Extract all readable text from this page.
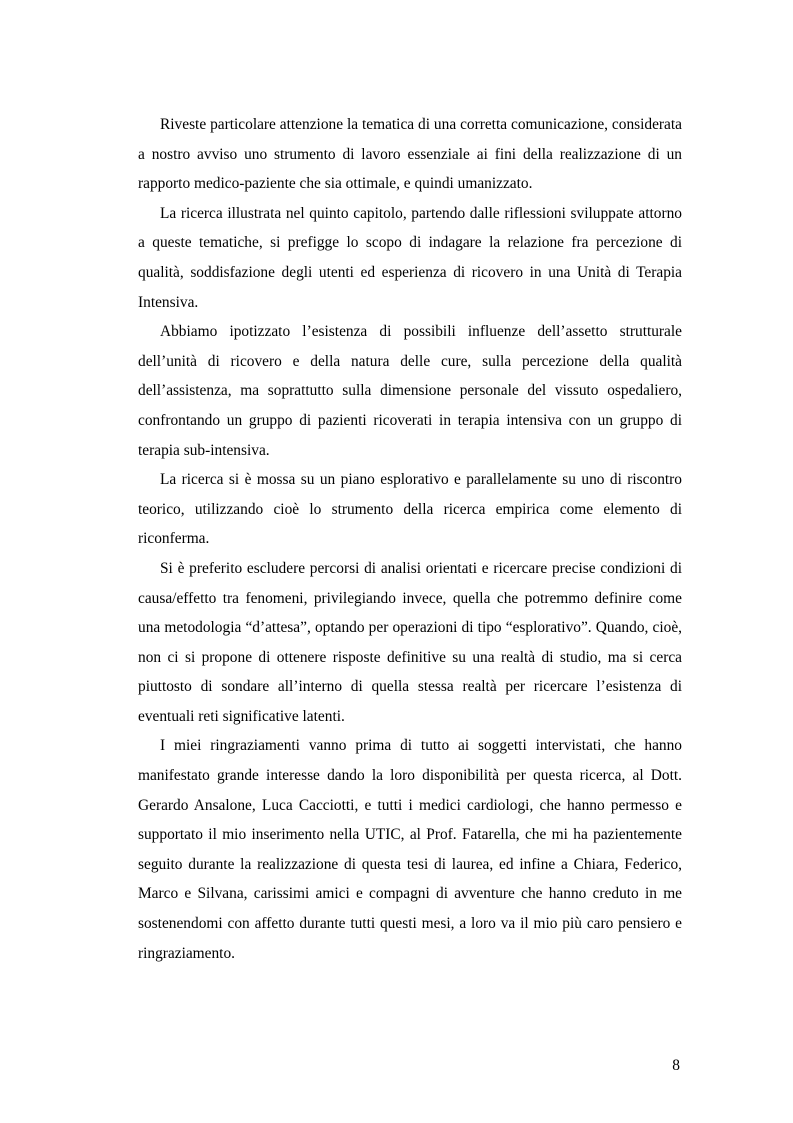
Riveste particolare attenzione la tematica di una corretta comunicazione, considerata a nostro avviso uno strumento di lavoro essenziale ai fini della realizzazione di un rapporto medico-paziente che sia ottimale, e quindi umanizzato.

La ricerca illustrata nel quinto capitolo, partendo dalle riflessioni sviluppate attorno a queste tematiche, si prefigge lo scopo di indagare la relazione fra percezione di qualità, soddisfazione degli utenti ed esperienza di ricovero in una Unità di Terapia Intensiva.

Abbiamo ipotizzato l’esistenza di possibili influenze dell’assetto strutturale dell’unità di ricovero e della natura delle cure, sulla percezione della qualità dell’assistenza, ma soprattutto sulla dimensione personale del vissuto ospedaliero, confrontando un gruppo di pazienti ricoverati in terapia intensiva con un gruppo di terapia sub-intensiva.

La ricerca si è mossa su un piano esplorativo e parallelamente su uno di riscontro teorico, utilizzando cioè lo strumento della ricerca empirica come elemento di riconferma.

Si è preferito escludere percorsi di analisi orientati e ricercare precise condizioni di causa/effetto tra fenomeni, privilegiando invece, quella che potremmo definire come una metodologia “d’attesa”, optando per operazioni di tipo “esplorativo”. Quando, cioè, non ci si propone di ottenere risposte definitive su una realtà di studio, ma si cerca piuttosto di sondare all’interno di quella stessa realtà per ricercare l’esistenza di eventuali reti significative latenti.

I miei ringraziamenti vanno prima di tutto ai soggetti intervistati, che hanno manifestato grande interesse dando la loro disponibilità per questa ricerca, al Dott. Gerardo Ansalone, Luca Cacciotti, e tutti i medici cardiologi, che hanno permesso e supportato il mio inserimento nella UTIC, al Prof. Fatarella, che mi ha pazientemente seguito durante la realizzazione di questa tesi di laurea, ed infine a Chiara, Federico, Marco e Silvana, carissimi amici e compagni di avventure che hanno creduto in me sostenendomi con affetto durante tutti questi mesi, a loro va il mio più caro pensiero e ringraziamento.

8
